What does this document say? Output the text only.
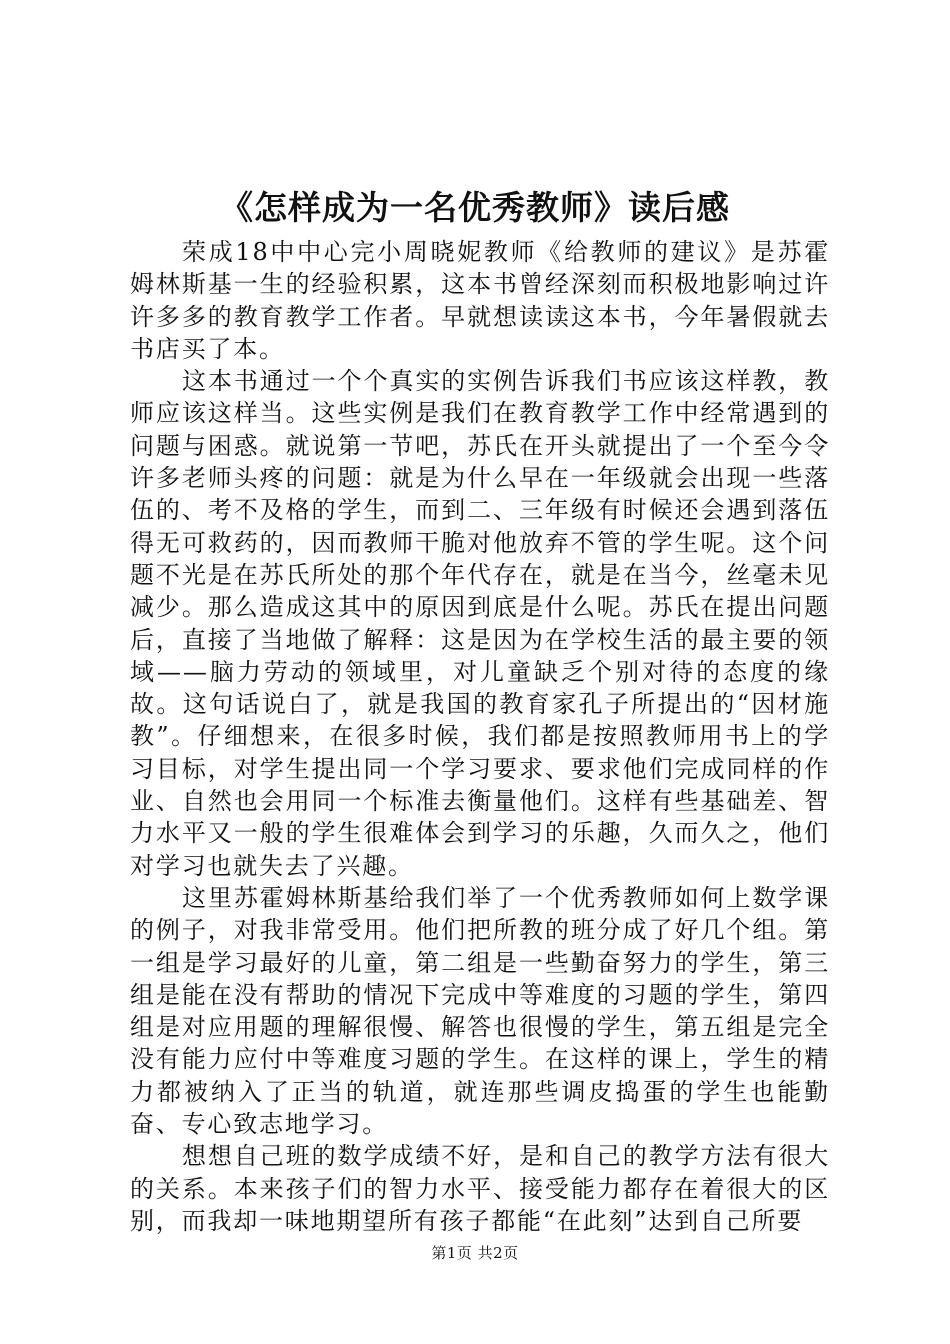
《怎样成为一名优秀教师》读后感

荣成18中中心完小周晓妮教师《给教师的建议》是苏霍姆林斯基一生的经验积累，这本书曾经深刻而积极地影响过许许多多的教育教学工作者。早就想读读这本书，今年暑假就去书店买了本。

这本书通过一个个真实的实例告诉我们书应该这样教，教师应该这样当。这些实例是我们在教育教学工作中经常遇到的问题与困惑。就说第一节吧，苏氏在开头就提出了一个至今令许多老师头疼的问题：就是为什么早在一年级就会出现一些落伍的、考不及格的学生，而到二、三年级有时候还会遇到落伍得无可救药的，因而教师干脆对他放弃不管的学生呢。这个问题不光是在苏氏所处的那个年代存在，就是在当今，丝毫未见减少。那么造成这其中的原因到底是什么呢。苏氏在提出问题后，直接了当地做了解释：这是因为在学校生活的最主要的领域——脑力劳动的领域里，对儿童缺乏个别对待的态度的缘故。这句话说白了，就是我国的教育家孔子所提出的“因材施教”。仔细想来，在很多时候，我们都是按照教师用书上的学习目标，对学生提出同一个学习要求、要求他们完成同样的作业、自然也会用同一个标准去衡量他们。这样有些基础差、智力水平又一般的学生很难体会到学习的乐趣，久而久之，他们对学习也就失去了兴趣。

这里苏霍姆林斯基给我们举了一个优秀教师如何上数学课的例子，对我非常受用。他们把所教的班分成了好几个组。第一组是学习最好的儿童，第二组是一些勤奋努力的学生，第三组是能在没有帮助的情况下完成中等难度的习题的学生，第四组是对应用题的理解很慢、解答也很慢的学生，第五组是完全没有能力应付中等难度习题的学生。在这样的课上，学生的精力都被纳入了正当的轨道，就连那些调皮捣蛋的学生也能勤奋、专心致志地学习。

想想自己班的数学成绩不好，是和自己的教学方法有很大的关系。本来孩子们的智力水平、接受能力都存在着很大的区别，而我却一味地期望所有孩子都能“在此刻”达到自己所要

第1页 共2页
